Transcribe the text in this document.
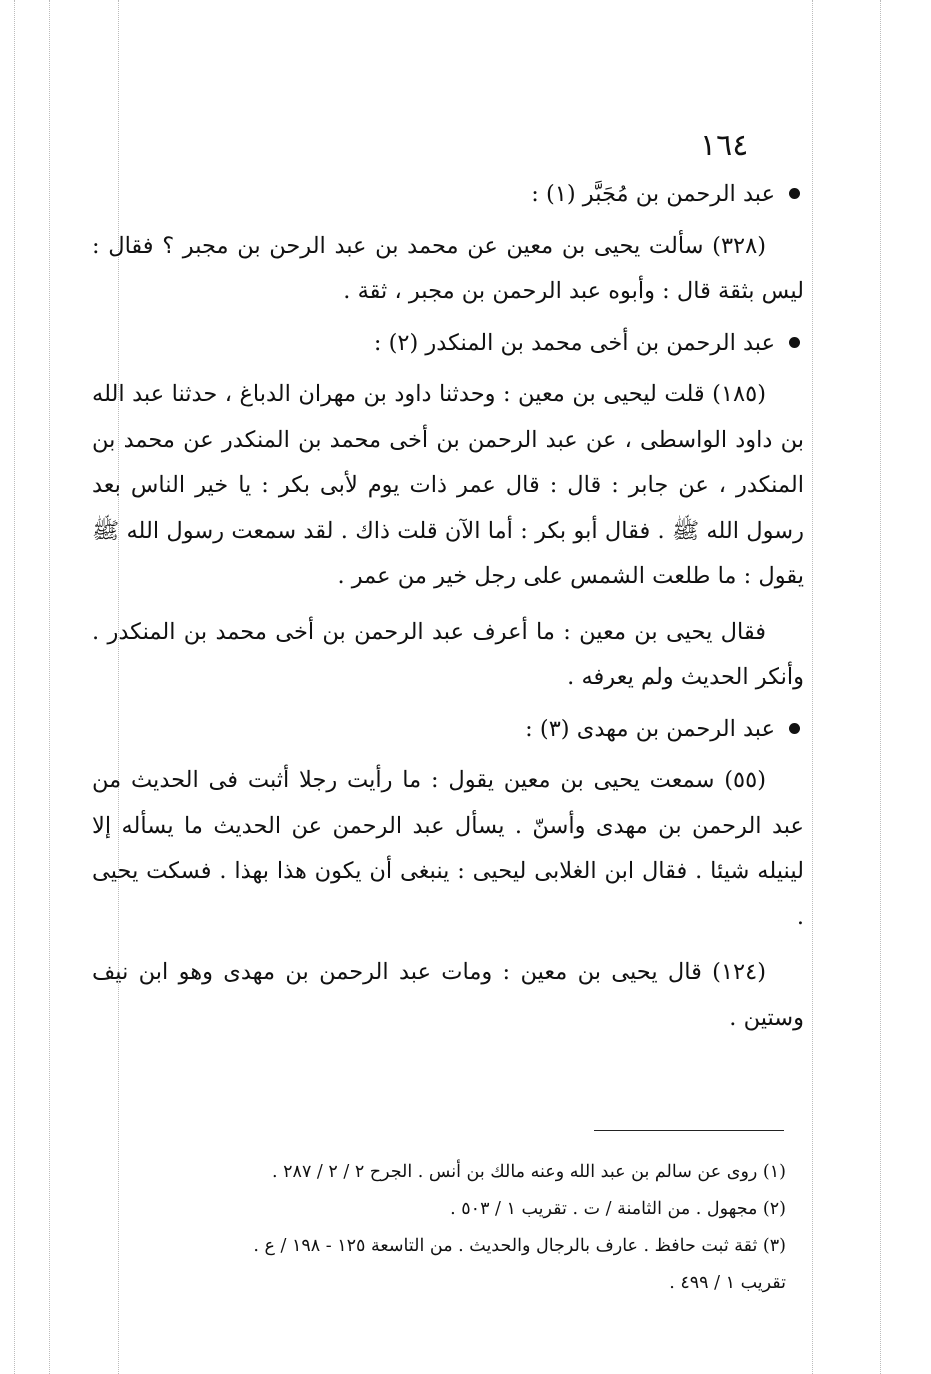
١٦٤
عبد الرحمن بن مُجَبَّر (١) :
(٣٢٨) سألت يحيى بن معين عن محمد بن عبد الرحن بن مجبر ؟ فقال : ليس بثقة قال : وأبوه عبد الرحمن بن مجبر ، ثقة .
عبد الرحمن بن أخى محمد بن المنكدر (٢) :
(١٨٥) قلت ليحيى بن معين : وحدثنا داود بن مهران الدباغ ، حدثنا عبد الله بن داود الواسطى ، عن عبد الرحمن بن أخى محمد بن المنكدر عن محمد بن المنكدر ، عن جابر : قال : قال عمر ذات يوم لأبى بكر : يا خير الناس بعد رسول الله ﷺ . فقال أبو بكر : أما الآن قلت ذاك . لقد سمعت رسول الله ﷺ يقول : ما طلعت الشمس على رجل خير من عمر .
فقال يحيى بن معين : ما أعرف عبد الرحمن بن أخى محمد بن المنكدر . وأنكر الحديث ولم يعرفه .
عبد الرحمن بن مهدى (٣) :
(٥٥) سمعت يحيى بن معين يقول : ما رأيت رجلا أثبت فى الحديث من عبد الرحمن بن مهدى وأسنّ . يسأل عبد الرحمن عن الحديث ما يسأله إلا لينيله شيئا . فقال ابن الغلابى ليحيى : ينبغى أن يكون هذا بهذا . فسكت يحيى .
(١٢٤) قال يحيى بن معين : ومات عبد الرحمن بن مهدى وهو ابن نيف وستين .
(١) روى عن سالم بن عبد الله وعنه مالك بن أنس . الجرح ٢ / ٢ / ٢٨٧ .
(٢) مجهول . من الثامنة / ت . تقريب ١ / ٥٠٣ .
(٣) ثقة ثبت حافظ . عارف بالرجال والحديث . من التاسعة ١٢٥ - ١٩٨ / ع .
تقريب ١ / ٤٩٩ .
